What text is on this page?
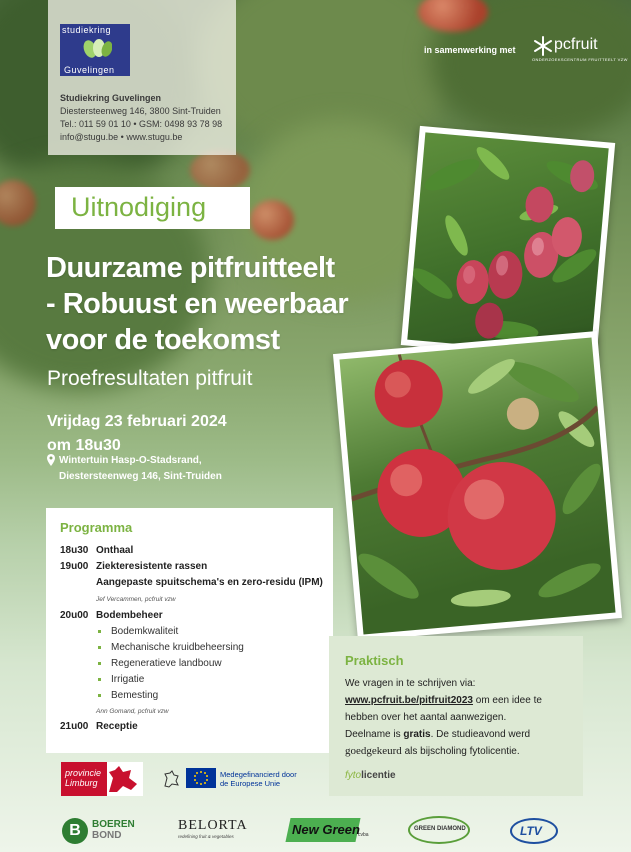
studiekring
Guvelingen
Studiekring Guvelingen
Diestersteenweg 146, 3800 Sint-Truiden
Tel.: 011 59 01 10 • GSM: 0498 93 78 98
info@stugu.be • www.stugu.be
in samenwerking met pcfruit
ONDERZOEKSCENTRUM FRUITTEELT VZW
Uitnodiging
Duurzame pitfruitteelt
- Robuust en weerbaar
voor de toekomst
Proefresultaten pitfruit
Vrijdag 23 februari 2024
om 18u30
Wintertuin Hasp-O-Stadsrand,
Diestersteenweg 146, Sint-Truiden
Programma
18u30 Onthaal
19u00 Ziekteresistente rassen
Aangepaste spuitschema's en zero-residu (IPM)
Jef Vercammen, pcfruit vzw
20u00 Bodembeheer
Bodemkwaliteit
Mechanische kruidbeheersing
Regeneratieve landbouw
Irrigatie
Bemesting
Ann Gomand, pcfruit vzw
21u00 Receptie
Praktisch
We vragen in te schrijven via:
www.pcfruit.be/pitfruit2023 om een idee te
hebben over het aantal aanwezigen.
Deelname is gratis. De studieavond werd
goedgekeurd als bijscholing fytolicentie.
fytolicentie
provincie
Limburg
Medegefinancierd door
de Europese Unie
B	BOEREN
BOND
BELORTA
redefining fruit & vegetables	New Green
cvba
GREEN DIAMOND	LTV
